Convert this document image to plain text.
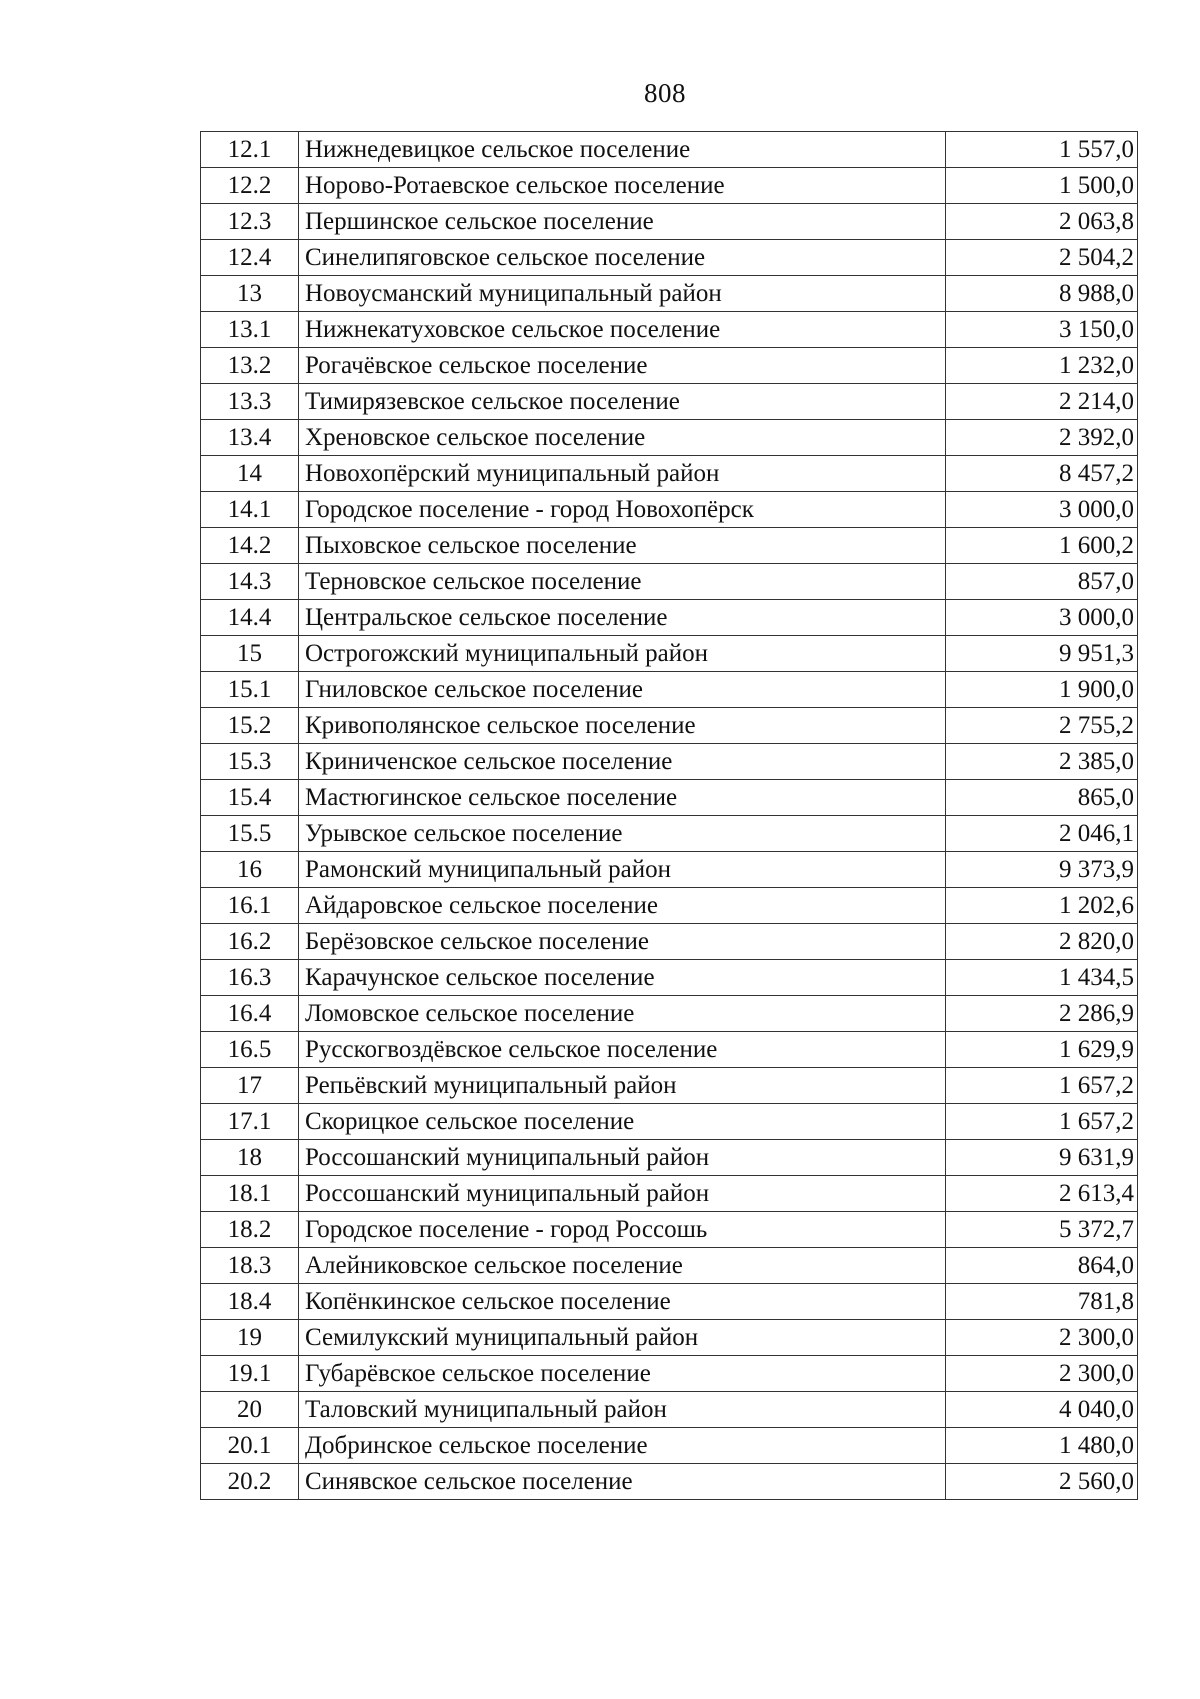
808
12.1	Нижнедевицкое сельское поселение	1 557,0
12.2	Норово-Ротаевское сельское поселение	1 500,0
12.3	Першинское сельское поселение	2 063,8
12.4	Синелипяговское сельское поселение	2 504,2
13	Новоусманский муниципальный район	8 988,0
13.1	Нижнекатуховское сельское поселение	3 150,0
13.2	Рогачёвское сельское поселение	1 232,0
13.3	Тимирязевское сельское поселение	2 214,0
13.4	Хреновское сельское поселение	2 392,0
14	Новохопёрский муниципальный район	8 457,2
14.1	Городское поселение - город Новохопёрск	3 000,0
14.2	Пыховское сельское поселение	1 600,2
14.3	Терновское сельское поселение	857,0
14.4	Центральское сельское поселение	3 000,0
15	Острогожский муниципальный район	9 951,3
15.1	Гниловское сельское поселение	1 900,0
15.2	Кривополянское сельское поселение	2 755,2
15.3	Криниченское сельское поселение	2 385,0
15.4	Мастюгинское сельское поселение	865,0
15.5	Урывское сельское поселение	2 046,1
16	Рамонский муниципальный район	9 373,9
16.1	Айдаровское сельское поселение	1 202,6
16.2	Берёзовское сельское поселение	2 820,0
16.3	Карачунское сельское поселение	1 434,5
16.4	Ломовское сельское поселение	2 286,9
16.5	Русскогвоздёвское сельское поселение	1 629,9
17	Репьёвский муниципальный район	1 657,2
17.1	Скорицкое сельское поселение	1 657,2
18	Россошанский муниципальный район	9 631,9
18.1	Россошанский муниципальный район	2 613,4
18.2	Городское поселение - город Россошь	5 372,7
18.3	Алейниковское сельское поселение	864,0
18.4	Копёнкинское сельское поселение	781,8
19	Семилукский муниципальный район	2 300,0
19.1	Губарёвское сельское поселение	2 300,0
20	Таловский муниципальный район	4 040,0
20.1	Добринское сельское поселение	1 480,0
20.2	Синявское сельское поселение	2 560,0
